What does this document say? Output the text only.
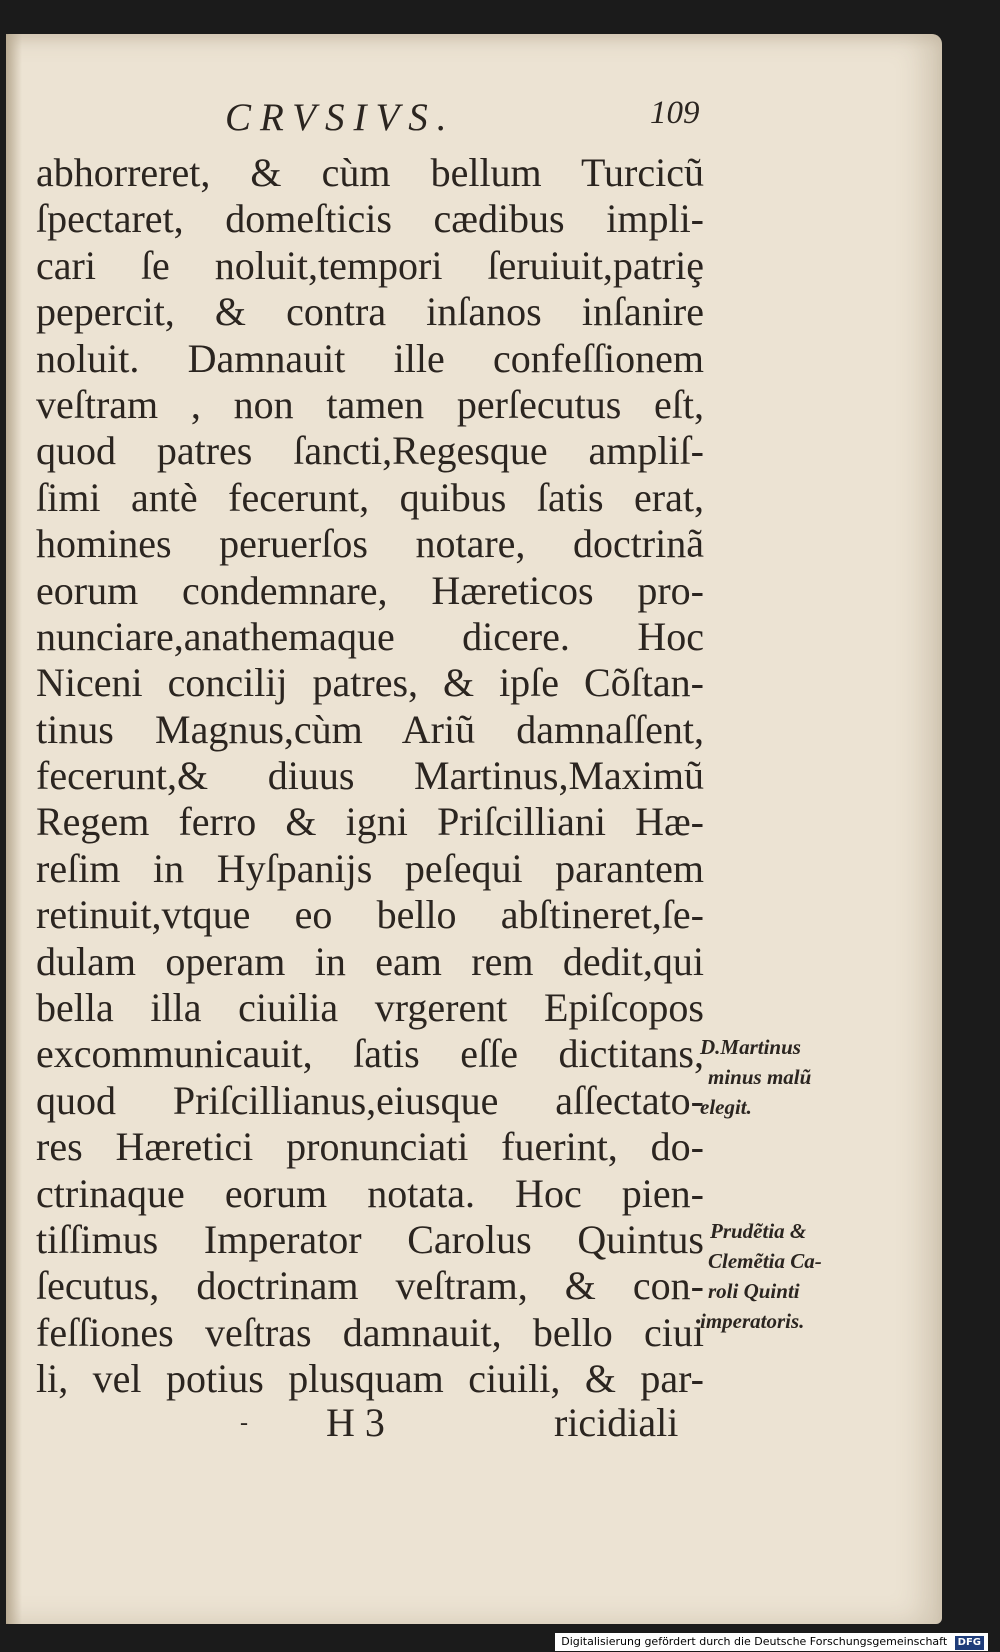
CRVSIVS.	109
abhorreret, & cùm bellum Turcicũ
ſpectaret, domeſticis cædibus impli-
cari ſe noluit,tempori ſeruiuit,patriȩ
pepercit, & contra inſanos inſanire
noluit. Damnauit ille confeſſionem
veſtram , non tamen perſecutus eſt,
quod patres ſancti,Regesque ampliſ-
ſimi antè fecerunt, quibus ſatis erat,
homines peruerſos notare, doctrinã
eorum condemnare, Hæreticos pro-
nunciare,anathemaque dicere. Hoc
Niceni concilij patres, & ipſe Cõſtan-
tinus Magnus,cùm Ariũ damnaſſent,
fecerunt,& diuus Martinus,Maximũ
Regem ferro & igni Priſcilliani Hæ-
reſim in Hyſpanijs peſequi parantem
retinuit,vtque eo bello abſtineret,ſe-
dulam operam in eam rem dedit,qui
bella illa ciuilia vrgerent Epiſcopos
excommunicauit, ſatis eſſe dictitans,
quod Priſcillianus,eiusque aſſectato-
res Hæretici pronunciati fuerint, do-
ctrinaque eorum notata. Hoc pien-
tiſſimus Imperator Carolus Quintus
ſecutus, doctrinam veſtram, & con-
feſſiones veſtras damnauit, bello ciui
li, vel potius plusquam ciuili, & par-
- H 3	ricidiali
D.Martinus
minus malũ
elegit.
Prudẽtia &
Clemẽtia Ca-
roli Quinti
imperatoris.
Digitalisierung gefördert durch die Deutsche Forschungsgemeinschaft DFG
